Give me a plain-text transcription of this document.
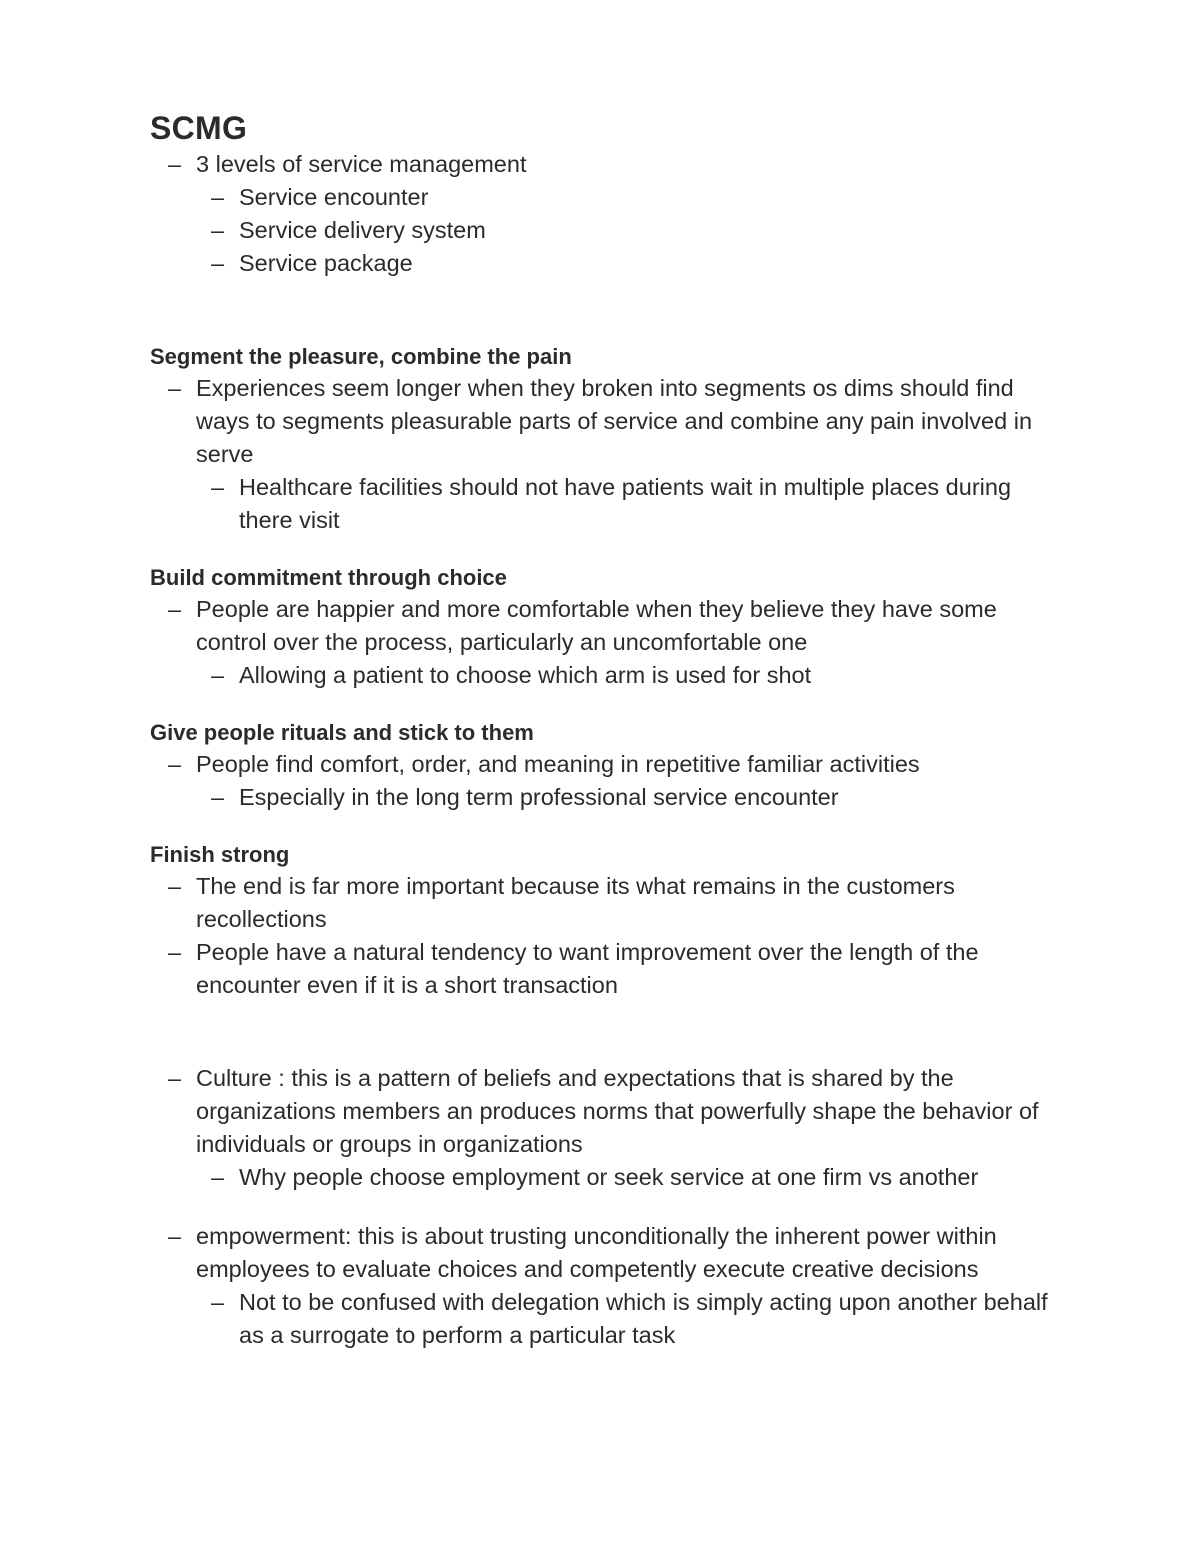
SCMG
– 3 levels of service management
– Service encounter
– Service delivery system
– Service package
Segment the pleasure, combine the pain
– Experiences seem longer when they broken into segments os dims should find ways to segments pleasurable parts of service and combine any pain involved in serve
– Healthcare facilities should not have patients wait in multiple places during there visit
Build commitment through choice
– People are happier and more comfortable when they believe they have some control over the process, particularly an uncomfortable one
– Allowing a patient to choose which arm is used for shot
Give people rituals and stick to them
– People find comfort, order, and meaning in repetitive familiar activities
– Especially in the long term professional service encounter
Finish strong
– The end is far more important because its what remains in the customers recollections
– People have a natural tendency to want improvement over the length of the encounter even if it is a short transaction
– Culture : this is a pattern of beliefs and expectations that is shared by the organizations members an produces norms that powerfully shape the behavior of individuals or groups in organizations
– Why people choose employment or seek service at one firm vs another
– empowerment: this is about trusting unconditionally the inherent power within employees to evaluate choices and competently execute creative decisions
– Not to be confused with delegation which is simply acting upon another behalf as a surrogate to perform a particular task
